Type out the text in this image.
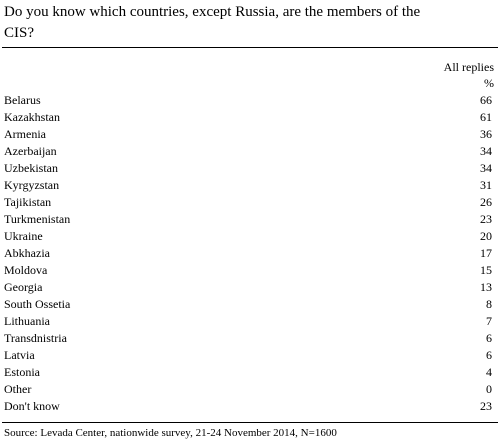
Do you know which countries, except Russia, are the members of the CIS?
All replies
%
Belarus	66
Kazakhstan	61
Armenia	36
Azerbaijan	34
Uzbekistan	34
Kyrgyzstan	31
Tajikistan	26
Turkmenistan	23
Ukraine	20
Abkhazia	17
Moldova	15
Georgia	13
South Ossetia	8
Lithuania	7
Transdnistria	6
Latvia	6
Estonia	4
Other	0
Don't know	23
Source: Levada Center, nationwide survey, 21-24 November 2014, N=1600
